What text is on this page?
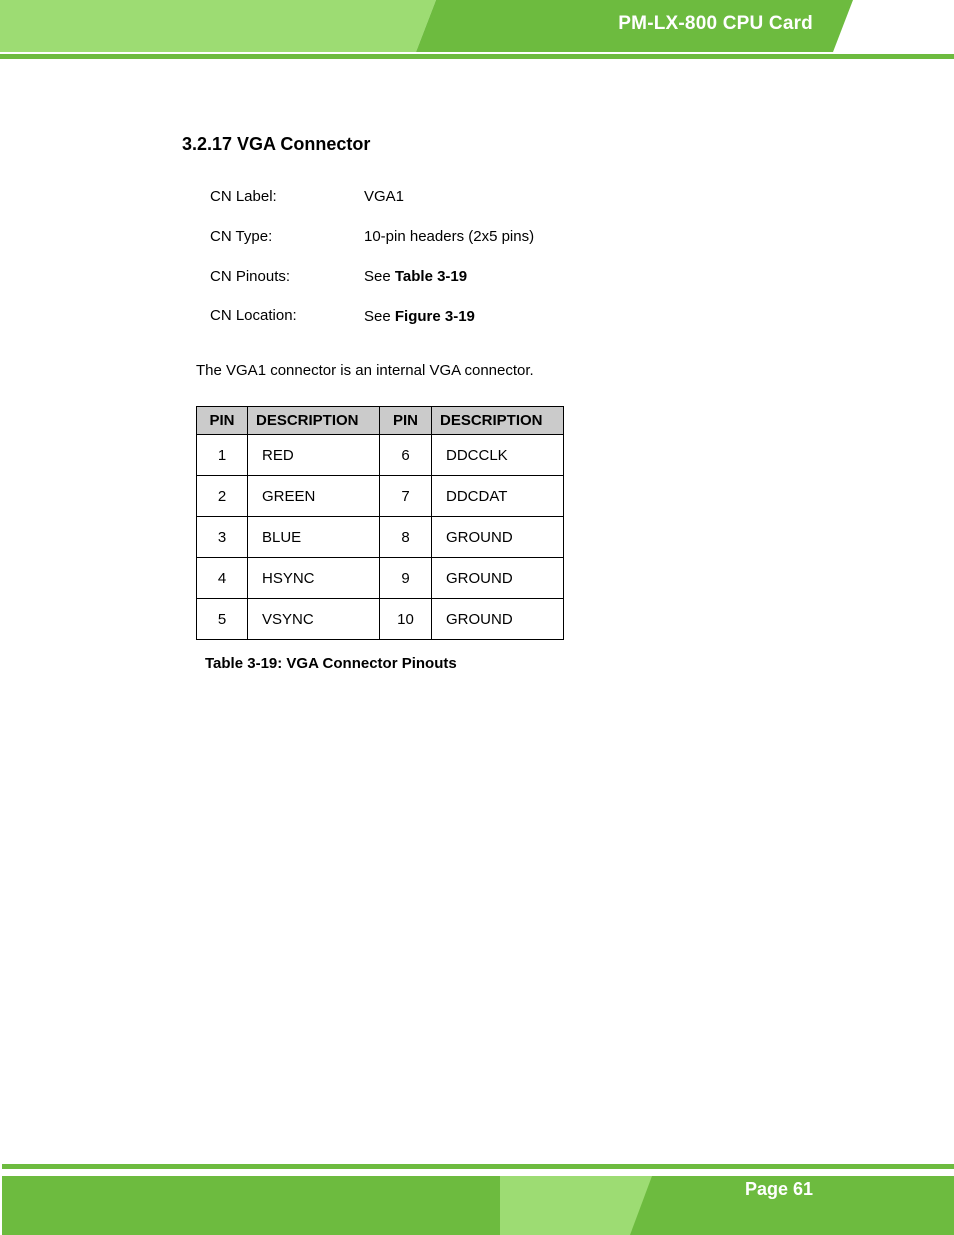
PM-LX-800 CPU Card
3.2.17 VGA Connector
CN Label:	VGA1
CN Type:	10-pin headers (2x5 pins)
CN Pinouts:	See Table 3-19
CN Location:	See Figure 3-19
The VGA1 connector is an internal VGA connector.
PIN	DESCRIPTION	PIN	DESCRIPTION
1	RED	6	DDCCLK
2	GREEN	7	DDCDAT
3	BLUE	8	GROUND
4	HSYNC	9	GROUND
5	VSYNC	10	GROUND
Table 3-19: VGA Connector Pinouts
Page 61
